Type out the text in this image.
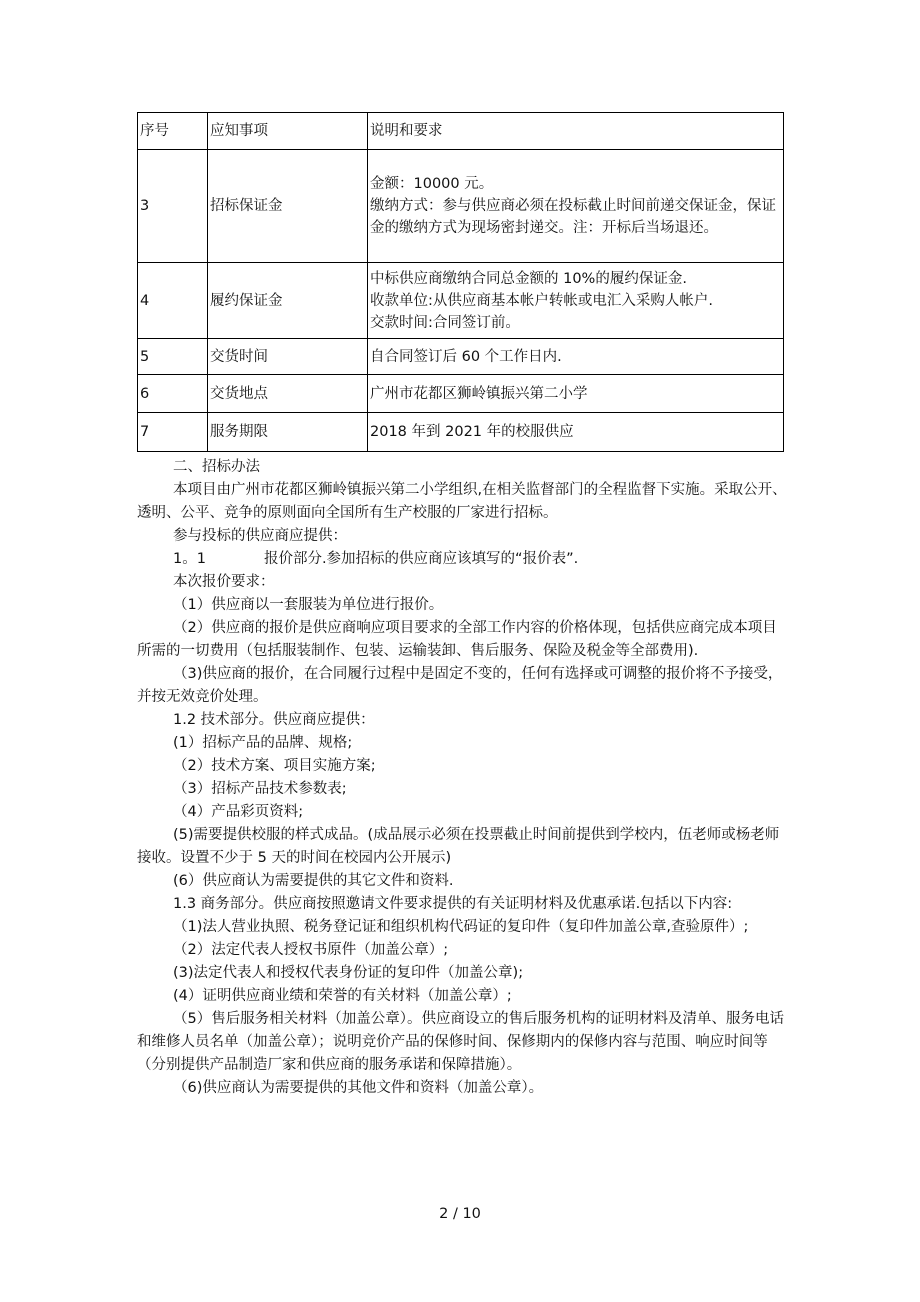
序号	应知事项	说明和要求
3	招标保证金	金额：10000 元。
缴纳方式：参与供应商必须在投标截止时间前递交保证金，保证金的缴纳方式为现场密封递交。注：开标后当场退还。

4	履约保证金	中标供应商缴纳合同总金额的 10%的履约保证金.
收款单位:从供应商基本帐户转帐或电汇入采购人帐户.
交款时间:合同签订前。

5	交货时间	自合同签订后 60 个工作日内.
6	交货地点	广州市花都区狮岭镇振兴第二小学
7	服务期限	2018 年到 2021 年的校服供应

二、招标办法

本项目由广州市花都区狮岭镇振兴第二小学组织,在相关监督部门的全程监督下实施。采取公开、透明、公平、竞争的原则面向全国所有生产校服的厂家进行招标。

参与投标的供应商应提供：

1。1	报价部分.参加招标的供应商应该填写的“报价表”.

本次报价要求：

（1）供应商以一套服装为单位进行报价。

（2）供应商的报价是供应商响应项目要求的全部工作内容的价格体现，包括供应商完成本项目所需的一切费用（包括服装制作、包装、运输装卸、售后服务、保险及税金等全部费用).

（3)供应商的报价，在合同履行过程中是固定不变的，任何有选择或可调整的报价将不予接受，并按无效竞价处理。

1.2 技术部分。供应商应提供：

(1）招标产品的品牌、规格;

（2）技术方案、项目实施方案;

（3）招标产品技术参数表;

（4）产品彩页资料;

(5)需要提供校服的样式成品。(成品展示必须在投票截止时间前提供到学校内，伍老师或杨老师接收。设置不少于 5 天的时间在校园内公开展示)

(6）供应商认为需要提供的其它文件和资料.

1.3 商务部分。供应商按照邀请文件要求提供的有关证明材料及优惠承诺.包括以下内容:

（1)法人营业执照、税务登记证和组织机构代码证的复印件（复印件加盖公章,查验原件）;

（2）法定代表人授权书原件（加盖公章）;

(3)法定代表人和授权代表身份证的复印件（加盖公章);

(4）证明供应商业绩和荣誉的有关材料（加盖公章）;

（5）售后服务相关材料（加盖公章）。供应商设立的售后服务机构的证明材料及清单、服务电话和维修人员名单（加盖公章）；说明竞价产品的保修时间、保修期内的保修内容与范围、响应时间等（分别提供产品制造厂家和供应商的服务承诺和保障措施）。

（6)供应商认为需要提供的其他文件和资料（加盖公章）。

2 / 10
